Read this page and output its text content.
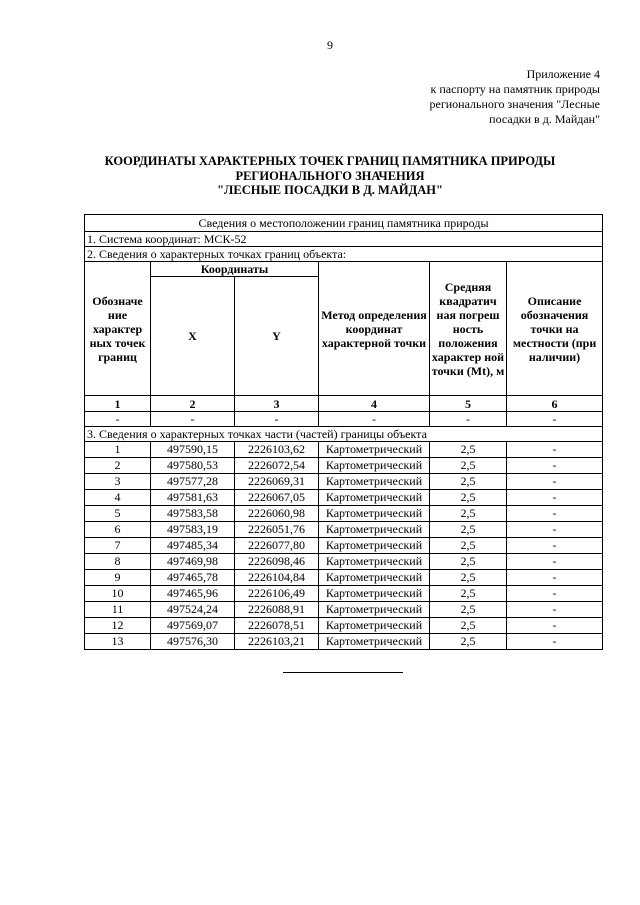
9
Приложение 4
к паспорту на памятник природы
регионального значения "Лесные
посадки в д. Майдан"
КООРДИНАТЫ ХАРАКТЕРНЫХ ТОЧЕК ГРАНИЦ ПАМЯТНИКА ПРИРОДЫ
РЕГИОНАЛЬНОГО ЗНАЧЕНИЯ
"ЛЕСНЫЕ ПОСАДКИ В Д. МАЙДАН"
Сведения о местоположении границ памятника природы					
1. Система координат: МСК-52					
2. Сведения о характерных точках границ объекта:					
Обозначе ние характер ных точек границ	Координаты		Метод определения координат характерной точки	Средняя квадратич ная погреш ность положения характер ной точки (Mt), м	Описание обозначения точки на местности (при наличии)
	X	Y			
1	2	3	4	5	6
-	-	-	-	-	-
3. Сведения о характерных точках части (частей) границы объекта					
1	497590,15	2226103,62	Картометрический	2,5	-
2	497580,53	2226072,54	Картометрический	2,5	-
3	497577,28	2226069,31	Картометрический	2,5	-
4	497581,63	2226067,05	Картометрический	2,5	-
5	497583,58	2226060,98	Картометрический	2,5	-
6	497583,19	2226051,76	Картометрический	2,5	-
7	497485,34	2226077,80	Картометрический	2,5	-
8	497469,98	2226098,46	Картометрический	2,5	-
9	497465,78	2226104,84	Картометрический	2,5	-
10	497465,96	2226106,49	Картометрический	2,5	-
11	497524,24	2226088,91	Картометрический	2,5	-
12	497569,07	2226078,51	Картометрический	2,5	-
13	497576,30	2226103,21	Картометрический	2,5	-
